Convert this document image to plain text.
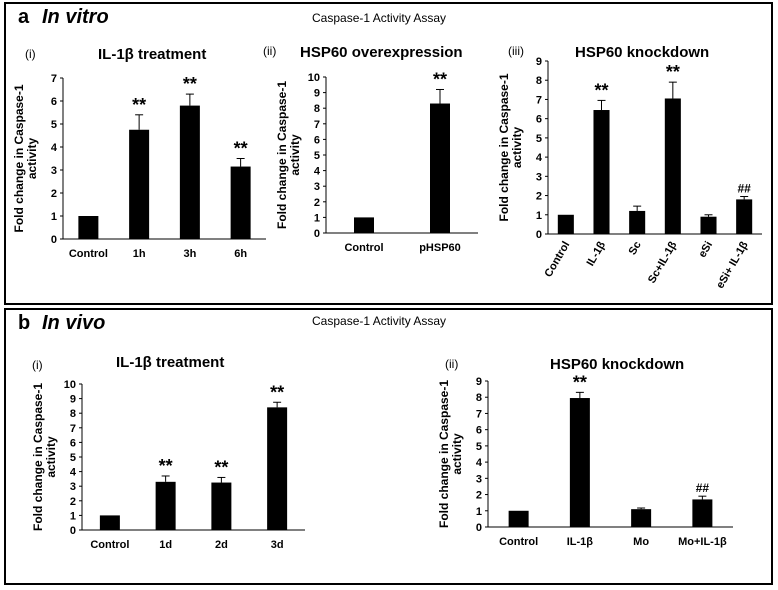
a In vitro	Caspase-1 Activity Assay
b In vivo	Caspase-1 Activity Assay
(i)	IL-1β treatment	(ii) HSP60 overexpression	(iii)	HSP60 knockdown
(i)	IL-1β treatment	(ii)	HSP60 knockdown
0
1
2
3
4
5
6
7
Fold change in Caspase-1activity
Control
**
1h
**
3h
**
6h
0
1
2
3
4
5
6
7
8
9
10
Fold change in Caspase-1activity
Control
**
pHSP60
0
1
2
3
4
5
6
7
8
9
Fold change in Caspase-1activity
Control
**
IL-1β Sc
**
Sc+IL-1β eSi
##
eSi+ IL-1β
0
1
2
3
4
5
6
7
8
9
10
Fold change in Caspase-1activity
Control
**
1d
**
2d
**
3d
0
1
2
3
4
5
6
7
8
9
Fold change in Caspase-1activity
Control
**
IL-1β	Mo
##
Mo+IL-1β
